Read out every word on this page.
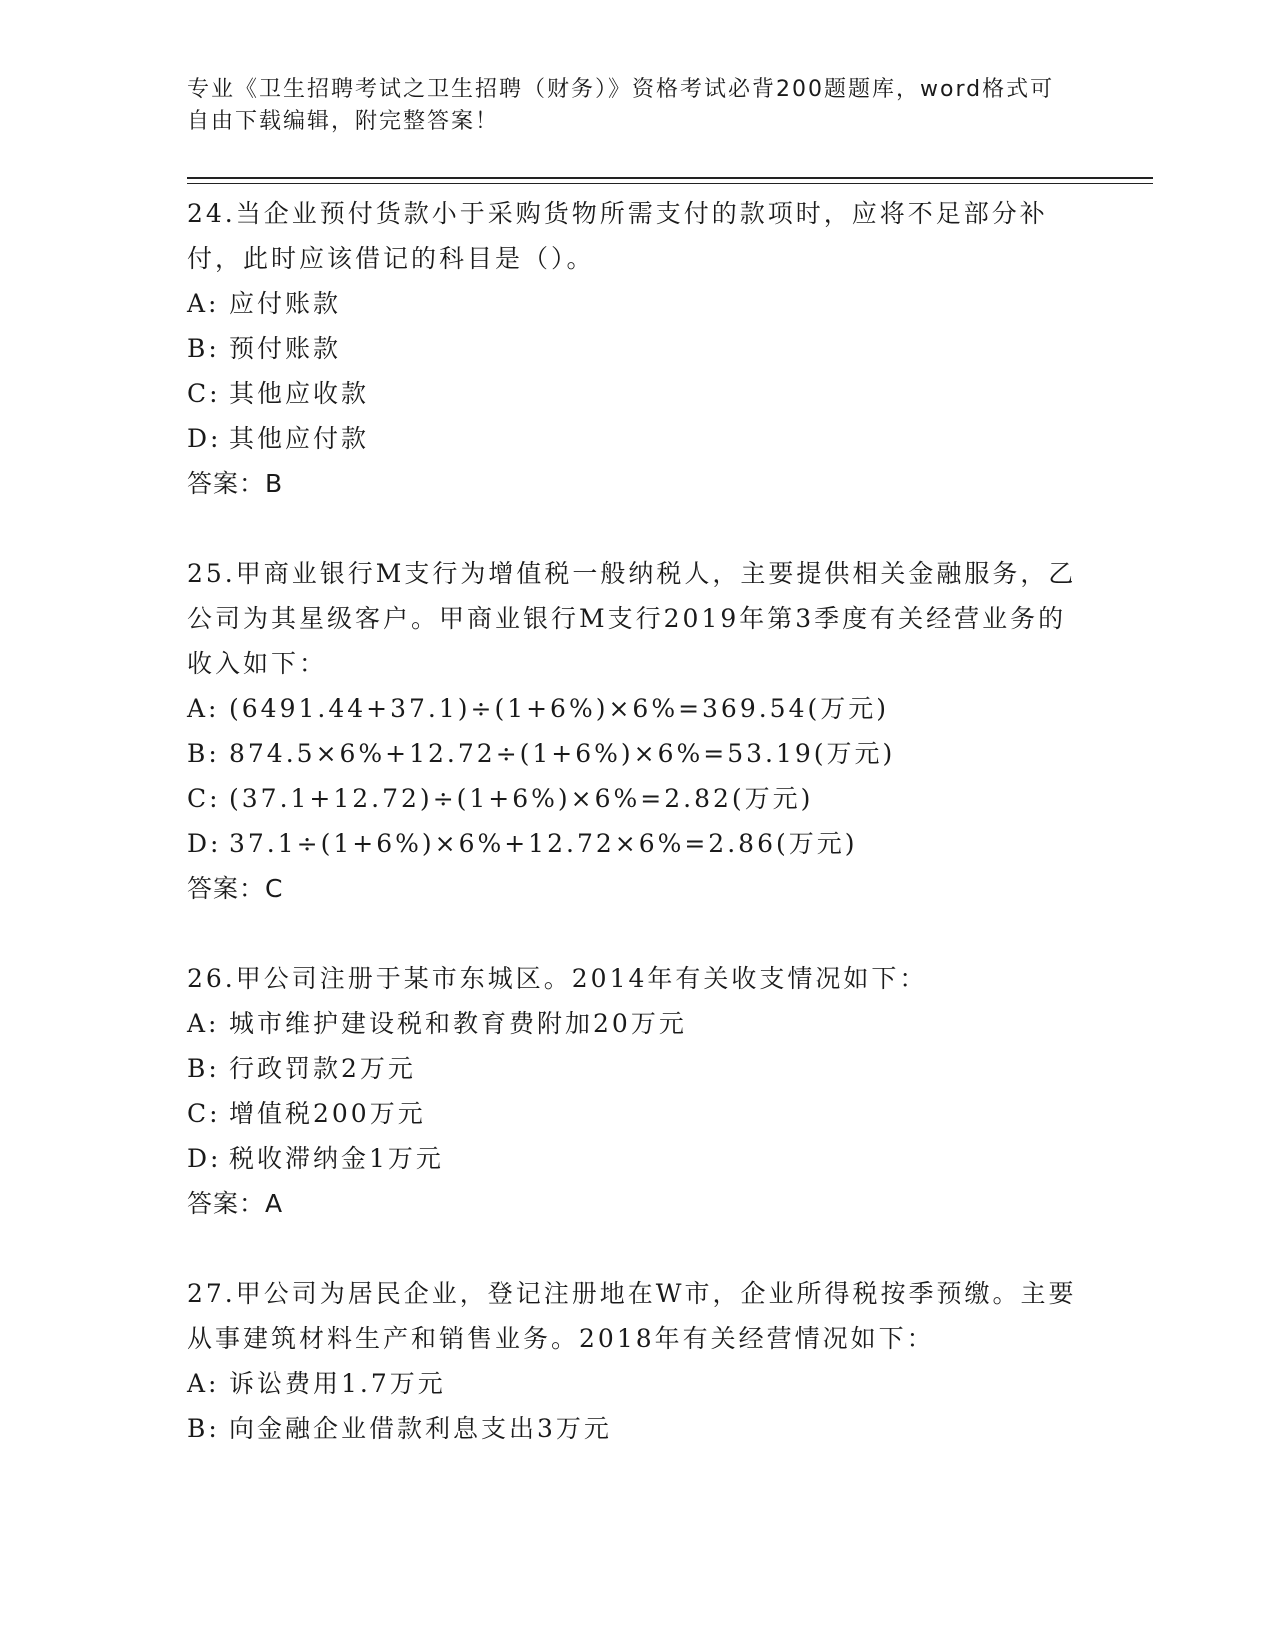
专业《卫生招聘考试之卫生招聘（财务）》资格考试必背200题题库，word格式可自由下载编辑，附完整答案！

24.当企业预付货款小于采购货物所需支付的款项时，应将不足部分补付，此时应该借记的科目是（）。

A: 应付账款

B: 预付账款

C: 其他应收款

D: 其他应付款

答案：B

25.甲商业银行M支行为增值税一般纳税人，主要提供相关金融服务，乙公司为其星级客户。甲商业银行M支行2019年第3季度有关经营业务的收入如下：

A: (6491.44+37.1)÷(1+6%)×6%=369.54(万元)

B: 874.5×6%+12.72÷(1+6%)×6%=53.19(万元)

C: (37.1+12.72)÷(1+6%)×6%=2.82(万元)

D: 37.1÷(1+6%)×6%+12.72×6%=2.86(万元)

答案：C

26.甲公司注册于某市东城区。2014年有关收支情况如下：

A: 城市维护建设税和教育费附加20万元

B: 行政罚款2万元

C: 增值税200万元

D: 税收滞纳金1万元

答案：A

27.甲公司为居民企业，登记注册地在W市，企业所得税按季预缴。主要从事建筑材料生产和销售业务。2018年有关经营情况如下：

A: 诉讼费用1.7万元

B: 向金融企业借款利息支出3万元
